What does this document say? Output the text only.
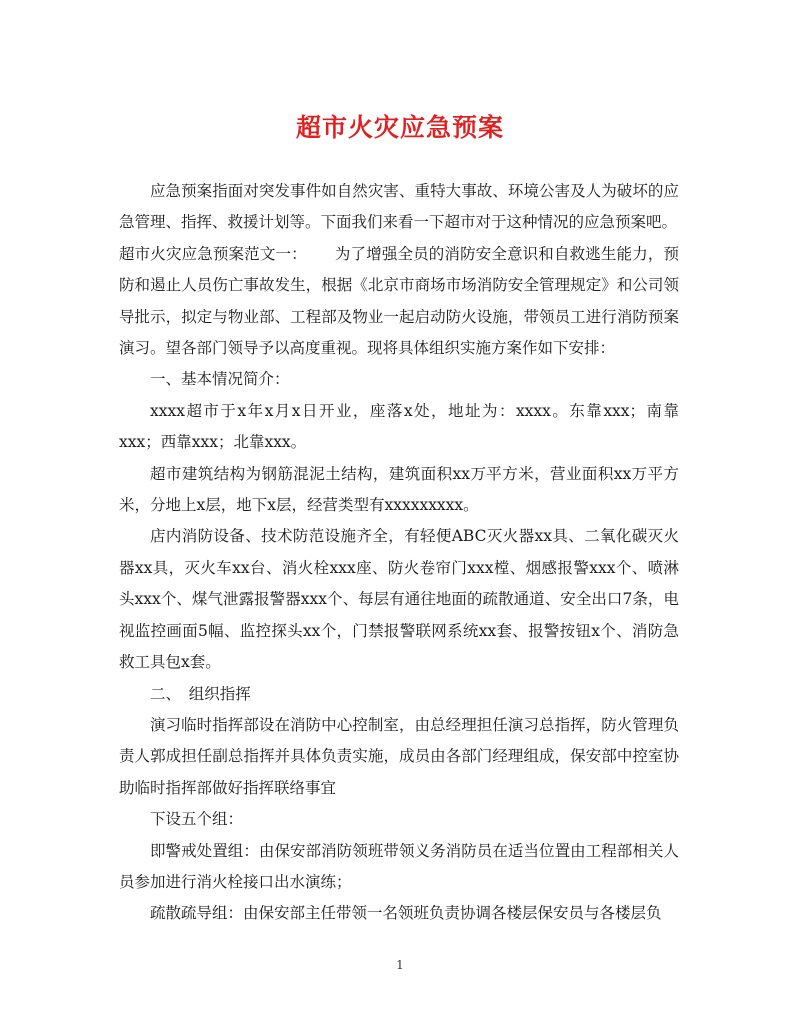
超市火灾应急预案

应急预案指面对突发事件如自然灾害、重特大事故、环境公害及人为破坏的应急管理、指挥、救援计划等。下面我们来看一下超市对于这种情况的应急预案吧。

超市火灾应急预案范文一： 为了增强全员的消防安全意识和自救逃生能力，预防和遏止人员伤亡事故发生，根据《北京市商场市场消防安全管理规定》和公司领导批示，拟定与物业部、工程部及物业一起启动防火设施，带领员工进行消防预案演习。望各部门领导予以高度重视。现将具体组织实施方案作如下安排：

一、基本情况简介：

xxxx超市于x年x月x日开业，座落x处，地址为：xxxx。东靠xxx；南靠xxx；西靠xxx；北靠xxx。

超市建筑结构为钢筋混泥土结构，建筑面积xx万平方米，营业面积xx万平方米，分地上x层，地下x层，经营类型有xxxxxxxxx。

店内消防设备、技术防范设施齐全，有轻便ABC灭火器xx具、二氧化碳灭火器xx具，灭火车xx台、消火栓xxx座、防火卷帘门xxx樘、烟感报警xxx个、喷淋头xxx个、煤气泄露报警器xxx个、每层有通往地面的疏散通道、安全出口7条，电视监控画面5幅、监控探头xx个，门禁报警联网系统xx套、报警按钮x个、消防急救工具包x套。

二、　组织指挥

演习临时指挥部设在消防中心控制室，由总经理担任演习总指挥，防火管理负责人郭成担任副总指挥并具体负责实施，成员由各部门经理组成，保安部中控室协助临时指挥部做好指挥联络事宜

下设五个组：

即警戒处置组：由保安部消防领班带领义务消防员在适当位置由工程部相关人员参加进行消火栓接口出水演练；

疏散疏导组：由保安部主任带领一名领班负责协调各楼层保安员与各楼层负

1
